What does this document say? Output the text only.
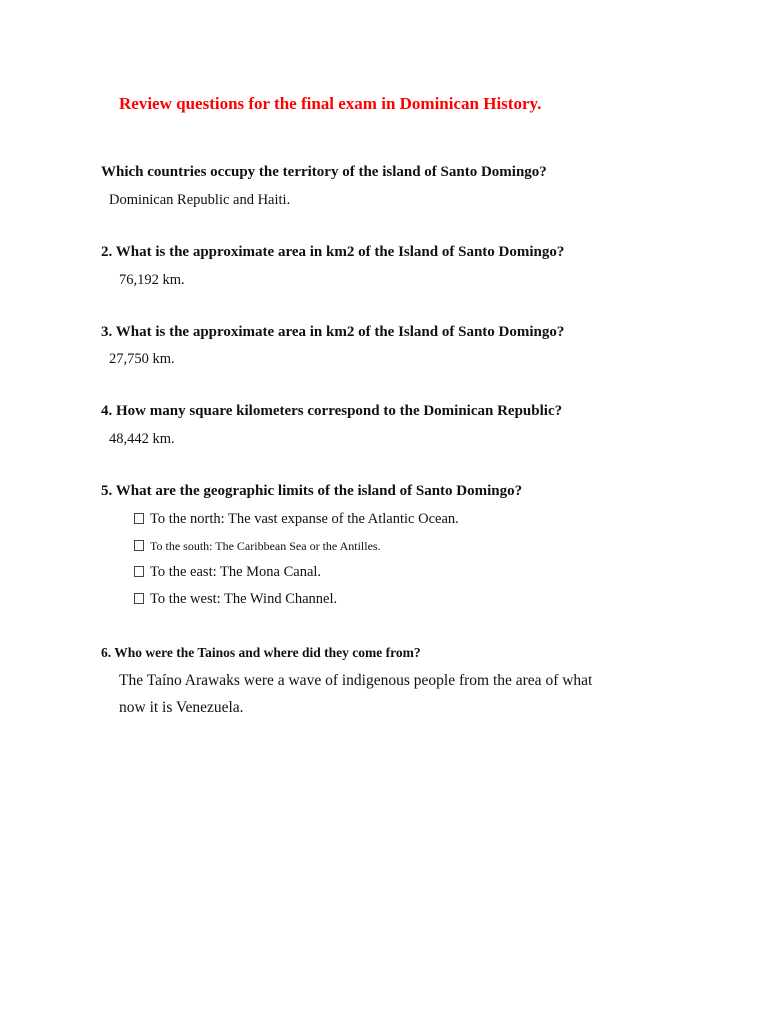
Review questions for the final exam in Dominican History.
Which countries occupy the territory of the island of Santo Domingo?
Dominican Republic and Haiti.
2. What is the approximate area in km2 of the Island of Santo Domingo?
76,192 km.
3. What is the approximate area in km2 of the Island of Santo Domingo?
27,750 km.
4. How many square kilometers correspond to the Dominican Republic?
48,442 km.
5. What are the geographic limits of the island of Santo Domingo?
To the north: The vast expanse of the Atlantic Ocean.
To the south: The Caribbean Sea or the Antilles.
To the east: The Mona Canal.
To the west: The Wind Channel.
6. Who were the Tainos and where did they come from?
The Taíno Arawaks were a wave of indigenous people from the area of what
now it is Venezuela.
